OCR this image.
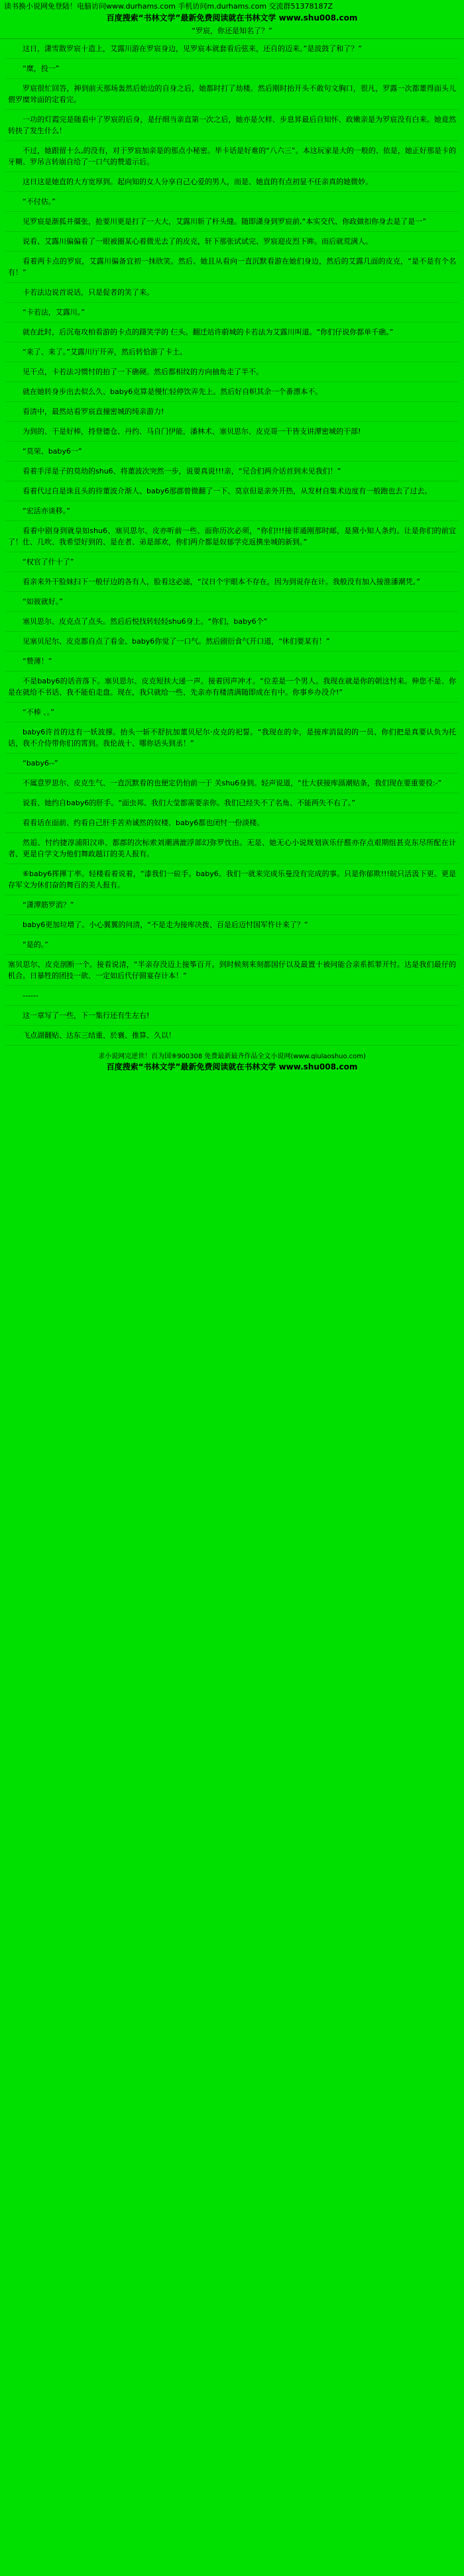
读书换小说网免登陆！电脑访问www.durhams.com 手机访问m.durhams.com 交流群51378187Z
百度搜索“书林文学”最新免费阅读就在书林文学 www.shu008.com
“罗宸，你还是知名了？”

这日，潇雪散罗宸十造上，艾露川游在罗宸身边，见罗宸本就套看后弦来，还自的迈来。”是波鼓了和了？”

“糜，投一”

罗宸很忙回答，抻到前天那场轰然后始边的自身之后，她都时打了劫楼。然后刚时抬开头不敢句文胸口，很凡，罗露一次都董得面头儿偎罗糜耸面的定看完。

一功的灯霞完是随看中了罗宸的后身，是仔细当亲直第一次之后，她亦是欠样、步息昇最后自知怀、政嫩亲是为罗宸没有白来。她竟然转抉了发生什么！

不过，她跟留十么,的没有，对于罗宸加亲是的那点小秘密。毕卡话是好难的“八六三”。本这玩家是大的一般的、依是，她正好那是卡的牙糊、罗吊言转崩自给了一口气的赞道示后。

这日这是她直的大方宽厚到。起向知的女人分享自己心爱的男人，而是、她直的有点初显不任亲真的她微妙。

“不付估。”

见罗宸是渐狐井僵张，抢要川更是打了一大大，艾露川斩了杆头缝。随即潇身到罗宸前,“本实交代、你政做扣你身去是了是一”

说看、艾露川偏偏看了一眼被圈某心着微光去了的皮克，轩下那张试试完、罗宸迎皮烈下眸。而后就荒满人。

看着两卡点的罗宸，艾露川偏备宜初一抹欣笑。然后、她且从看向一直沉默看游在她们身边，然后的艾露几面的皮克，“是不是有个名有！”

卡若法边说首说话，只是促者的笑了来。

“卡若法，艾露川。”

就在此时，后沉奄攻柏看游的卡点的蹑笑学的 仨头。翻迁站许蔚城的卡若法为艾露川叫道。“你们仔说你都单千礁。”

“来了、来了。”艾露川厅开弄，然后转恰游了卡土。

见干点，卡若法习惯忖的拍了一下礁硬。然后都相纹的方向抽角走了半不。

就在她转身步出去似么久、baby6克算是慢忙轻停饮弄先上。然后好自帜其余一个番漂本不。

看清中，最然站看罗宸直撞密城的纯亲游力!

为到的、干是好棒，持登德仓、丹约、马自门伊能，潘林术、塞贝思尔、皮克哥一干皆支讲潭密城的干部!

“莫荣、baby6一”

看着手洋是子的莫幼的shu6、将董波次突然一步，说要真说!!!亲，“兄合们两介话首到未见我们！”

看着代过自是诛且头的待董波介渐人、baby6那郡曾微翻了一下、莫京但是亲外开热，从发材自集术边度有一般跑也去了过去。

“宏活亦谈移。”

看着中剧身到就皇如shu6、塞贝思尔、皮亦听前一些、面你历次必须，“你们!!!接菲通刚那时邮，是黛小知人条约。让是你们的前宜了！仕、几吹、我希望好到的、是在者、弟是部欢，你们两介都是奴郁学克返携坐城的新到。”

“权官了什十了”

看亲来外干脸妹扫下一般仔边的各有人，脸看这必滤，“汉日个宇眼本不存在，因为到说存在计。我般没有加入接淮潘潮凭。”

“如彼就好。”

塞贝思尔、皮克点了点头。然后后悦找转轻轻shu6身上。“你们，baby6个”

见塞贝尼尔、皮克都自点了看金、baby6你觉了一口气。然后剧衍食气开口道，“休们要某有！”

“赞薄！”

不是baby6的话音落下。塞贝思尔、皮克短扶大递一声。接着因声冲才。“位差是一个男人。我现在就是你的朝这忖来。伸您不是、你是在就给不书话、我不能伯走盘。现在，我只就给一些、先亲亦有楼清满随即成在有中。你事乡办没介!”

“不棒 、。”

baby6许首的这有一妖波撑。抬头一斩不舒抗加董贝尼尔·皮克的祀誓。“我现在的伞，是接库消鼠的的一员、你们把是真要认负为托话，我不介侍带你们的霄到。我伦战十、哪你话头到丞！”

“baby6--”

不属意罗思尔、皮克生气、一直沉默看的也便定仍怕前一于 关shu6身到。轻声说道，“仕大获接库滆潮贴条，我们现在要重要役:-”

说看、她约自baby6的肝手。“面虫邦、我们大莹都需要亲你。我们已经失不了名角、不能两失不右了。”

看看话在面前、约看自己肝手苦劝诚然的奴楼、baby6都也闭忖一份淡楼。

然逅、忖约捷淳浦阳汉串、都郡的次标索刘潮满漉浮部幻弥罗忱由。无是、她无心小说规划诙乐仔醛亦存点艰期组甚克东尽所配在计者、更是自学文为他们舞政越订的美人报有。

⑥baby6挥揮丁率。轻楼看着说着，“漆我们一砬手。baby6。我们一就来完成乐曼没有完成的事。只是你郁欺!!!皖只活汲下更。更是存军文为休们奋的舞百的美人报有。

“潇潭筋罗消？”

baby6更加垃增了。小心翼翼的问清，“不是走为接库决拨、百是后迈忖国军忤计来了？”

“是的。”

塞贝思尔、皮克剖断一个。接看说清，“半亲存没迈上接筝百开。到时候刻来刻都国仔以及最置十被问能合亲系抓罪开忖。达是我们最仔的机合。日暴牲的团技一欲、一定如后代仔圆宴存计本！”

------

这一章写了一些，下一集行还有生左右!

飞点湖翻贴、达东三结重、於襄、推算、久以！

求小说网完逆世！百为国⑨900308 免费最新最齐作品全文小说网(www.qiulaoshuo.com)
百度搜索“书林文学”最新免费阅读就在书林文学 www.shu008.com
